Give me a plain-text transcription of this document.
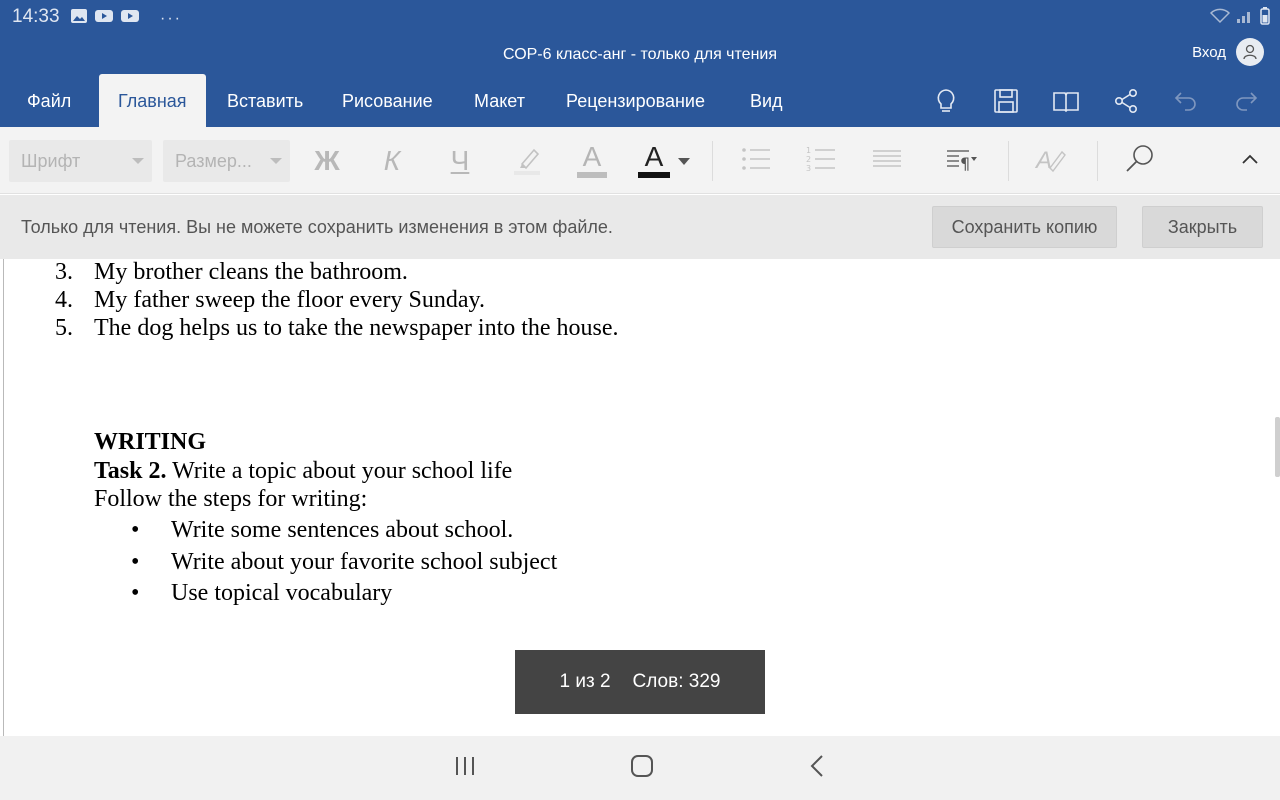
14:33	···
СОР-6 класс-анг - только для чтения	Вход
Файл	Главная	Вставить	Рисование	Макет	Рецензирование	Вид
Шрифт	Размер...	Ж К Ч	A A	1
2
3	¶	A
Только для чтения. Вы не можете сохранить изменения в этом файле.	Сохранить копию	Закрыть
3. My brother cleans the bathroom.
4. My father sweep the floor every Sunday.
5. The dog helps us to take the newspaper into the house.
WRITING
Task 2. Write a topic about your school life
Follow the steps for writing:
• Write some sentences about school.
• Write about your favorite school subject
• Use topical vocabulary
1 из 2 Слов: 329
